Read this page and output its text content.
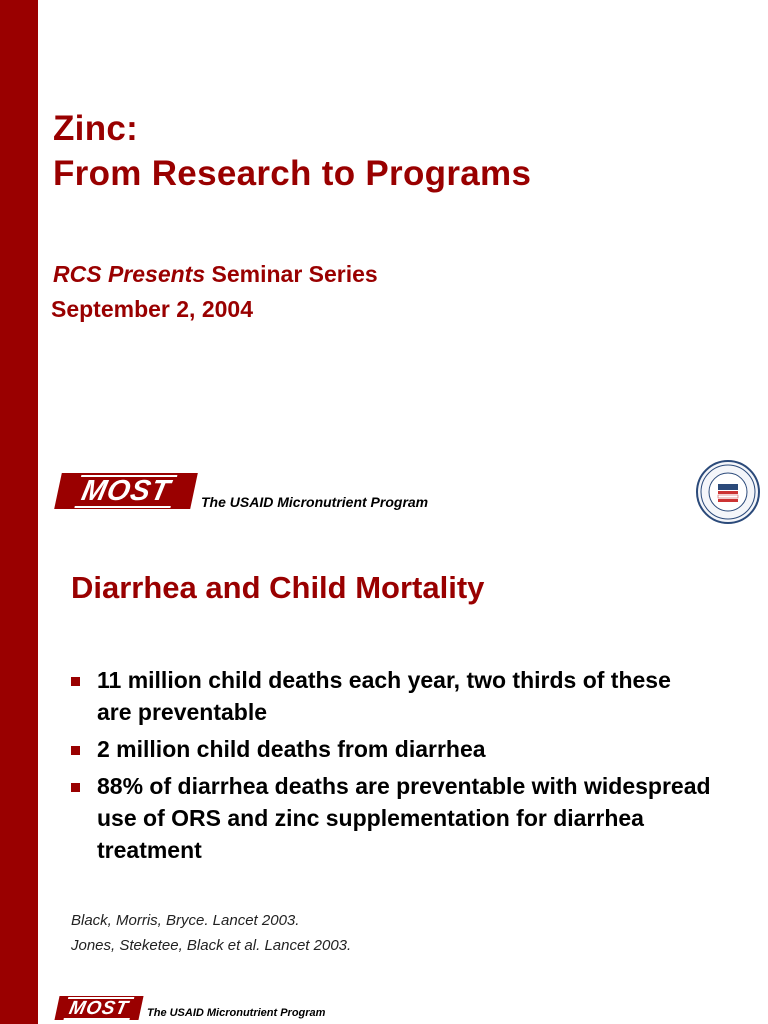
Zinc:
From Research to Programs
RCS Presents Seminar Series
September 2, 2004
MOST The USAID Micronutrient Program
Diarrhea and Child Mortality
11 million child deaths each year, two thirds of these are preventable
2 million child deaths from diarrhea
88% of diarrhea deaths are preventable with widespread use of ORS and zinc supplementation for diarrhea treatment
Black, Morris, Bryce. Lancet 2003.
Jones, Steketee, Black et al. Lancet 2003.
MOST	The USAID Micronutrient Program
